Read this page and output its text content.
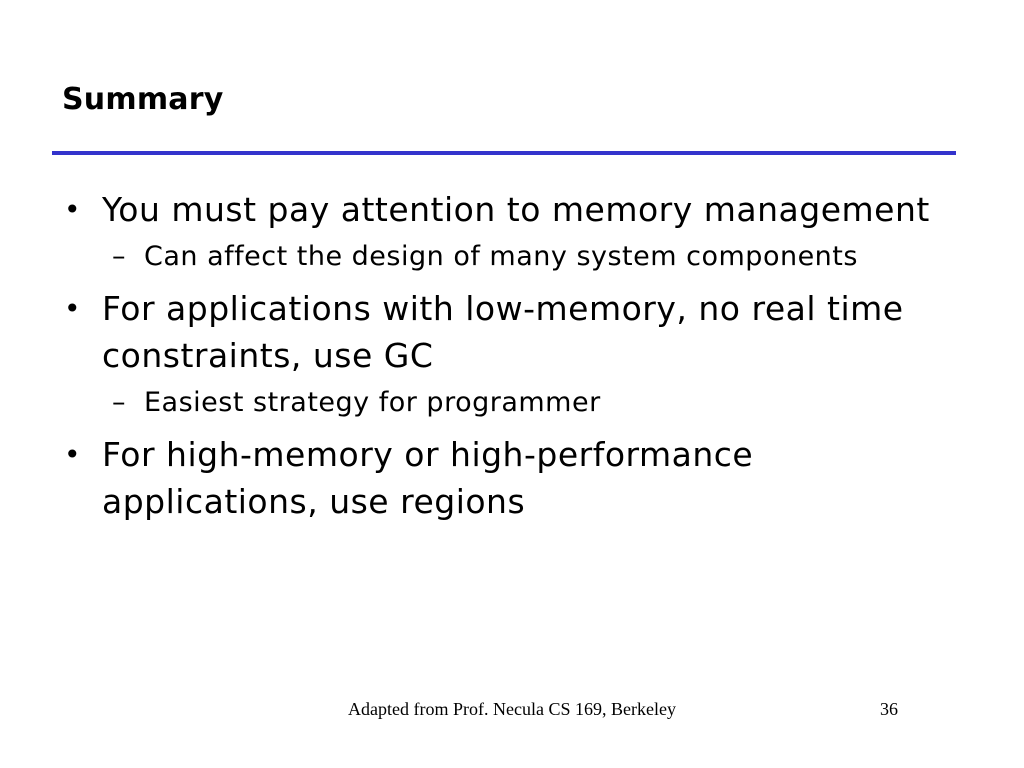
Summary
• You must pay attention to memory management
– Can affect the design of many system components
• For applications with low-memory, no real time constraints, use GC
– Easiest strategy for programmer
• For high-memory or high-performance applications, use regions
Adapted from Prof. Necula CS 169, Berkeley	36
